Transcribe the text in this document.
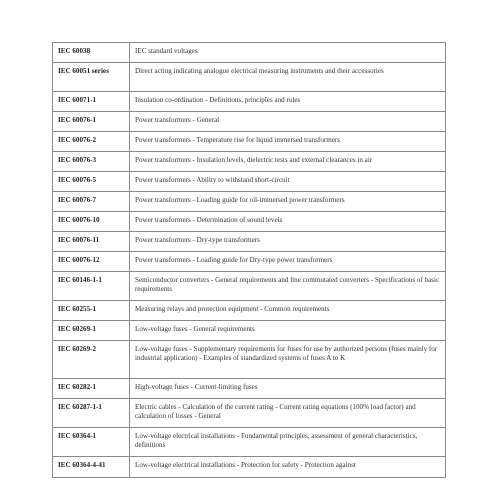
IEC 60038	IEC standard voltages
IEC 60051 series	Direct acting indicating analogue electrical measuring instruments and their accessories
IEC 60071-1	Insulation co-ordination - Definitions, principles and rules
IEC 60076-1	Power transformers - General
IEC 60076-2	Power transformers - Temperature rise for liquid immersed transformers
IEC 60076-3	Power transformers - Insulation levels, dielectric tests and external clearances in air
IEC 60076-5	Power transformers - Ability to withstand short-circuit
IEC 60076-7	Power transformers - Loading guide for oil-immersed power transformers
IEC 60076-10	Power transformers - Determination of sound levels
IEC 60076-11	Power transformers - Dry-type transformers
IEC 60076-12	Power transformers - Loading guide for Dry-type power transformers
IEC 60146-1-1	Semiconductor converters - General requirements and line commutated converters - Specifications of basic requirements
IEC 60255-1	Measuring relays and protection equipment - Common requirements
IEC 60269-1	Low-voltage fuses - General requirements
IEC 60269-2	Low-voltage fuses - Supplementary requirements for fuses for use by authorized persons (fuses mainly for industrial application) - Examples of standardized systems of fuses A to K
IEC 60282-1	High-voltage fuses - Current-limiting fuses
IEC 60287-1-1	Electric cables - Calculation of the current rating - Current rating equations (100% load factor) and calculation of losses - General
IEC 60364-1	Low-voltage electrical installations - Fundamental principles, assessment of general characteristics, definitions
IEC 60364-4-41	Low-voltage electrical installations - Protection for safety - Protection against
